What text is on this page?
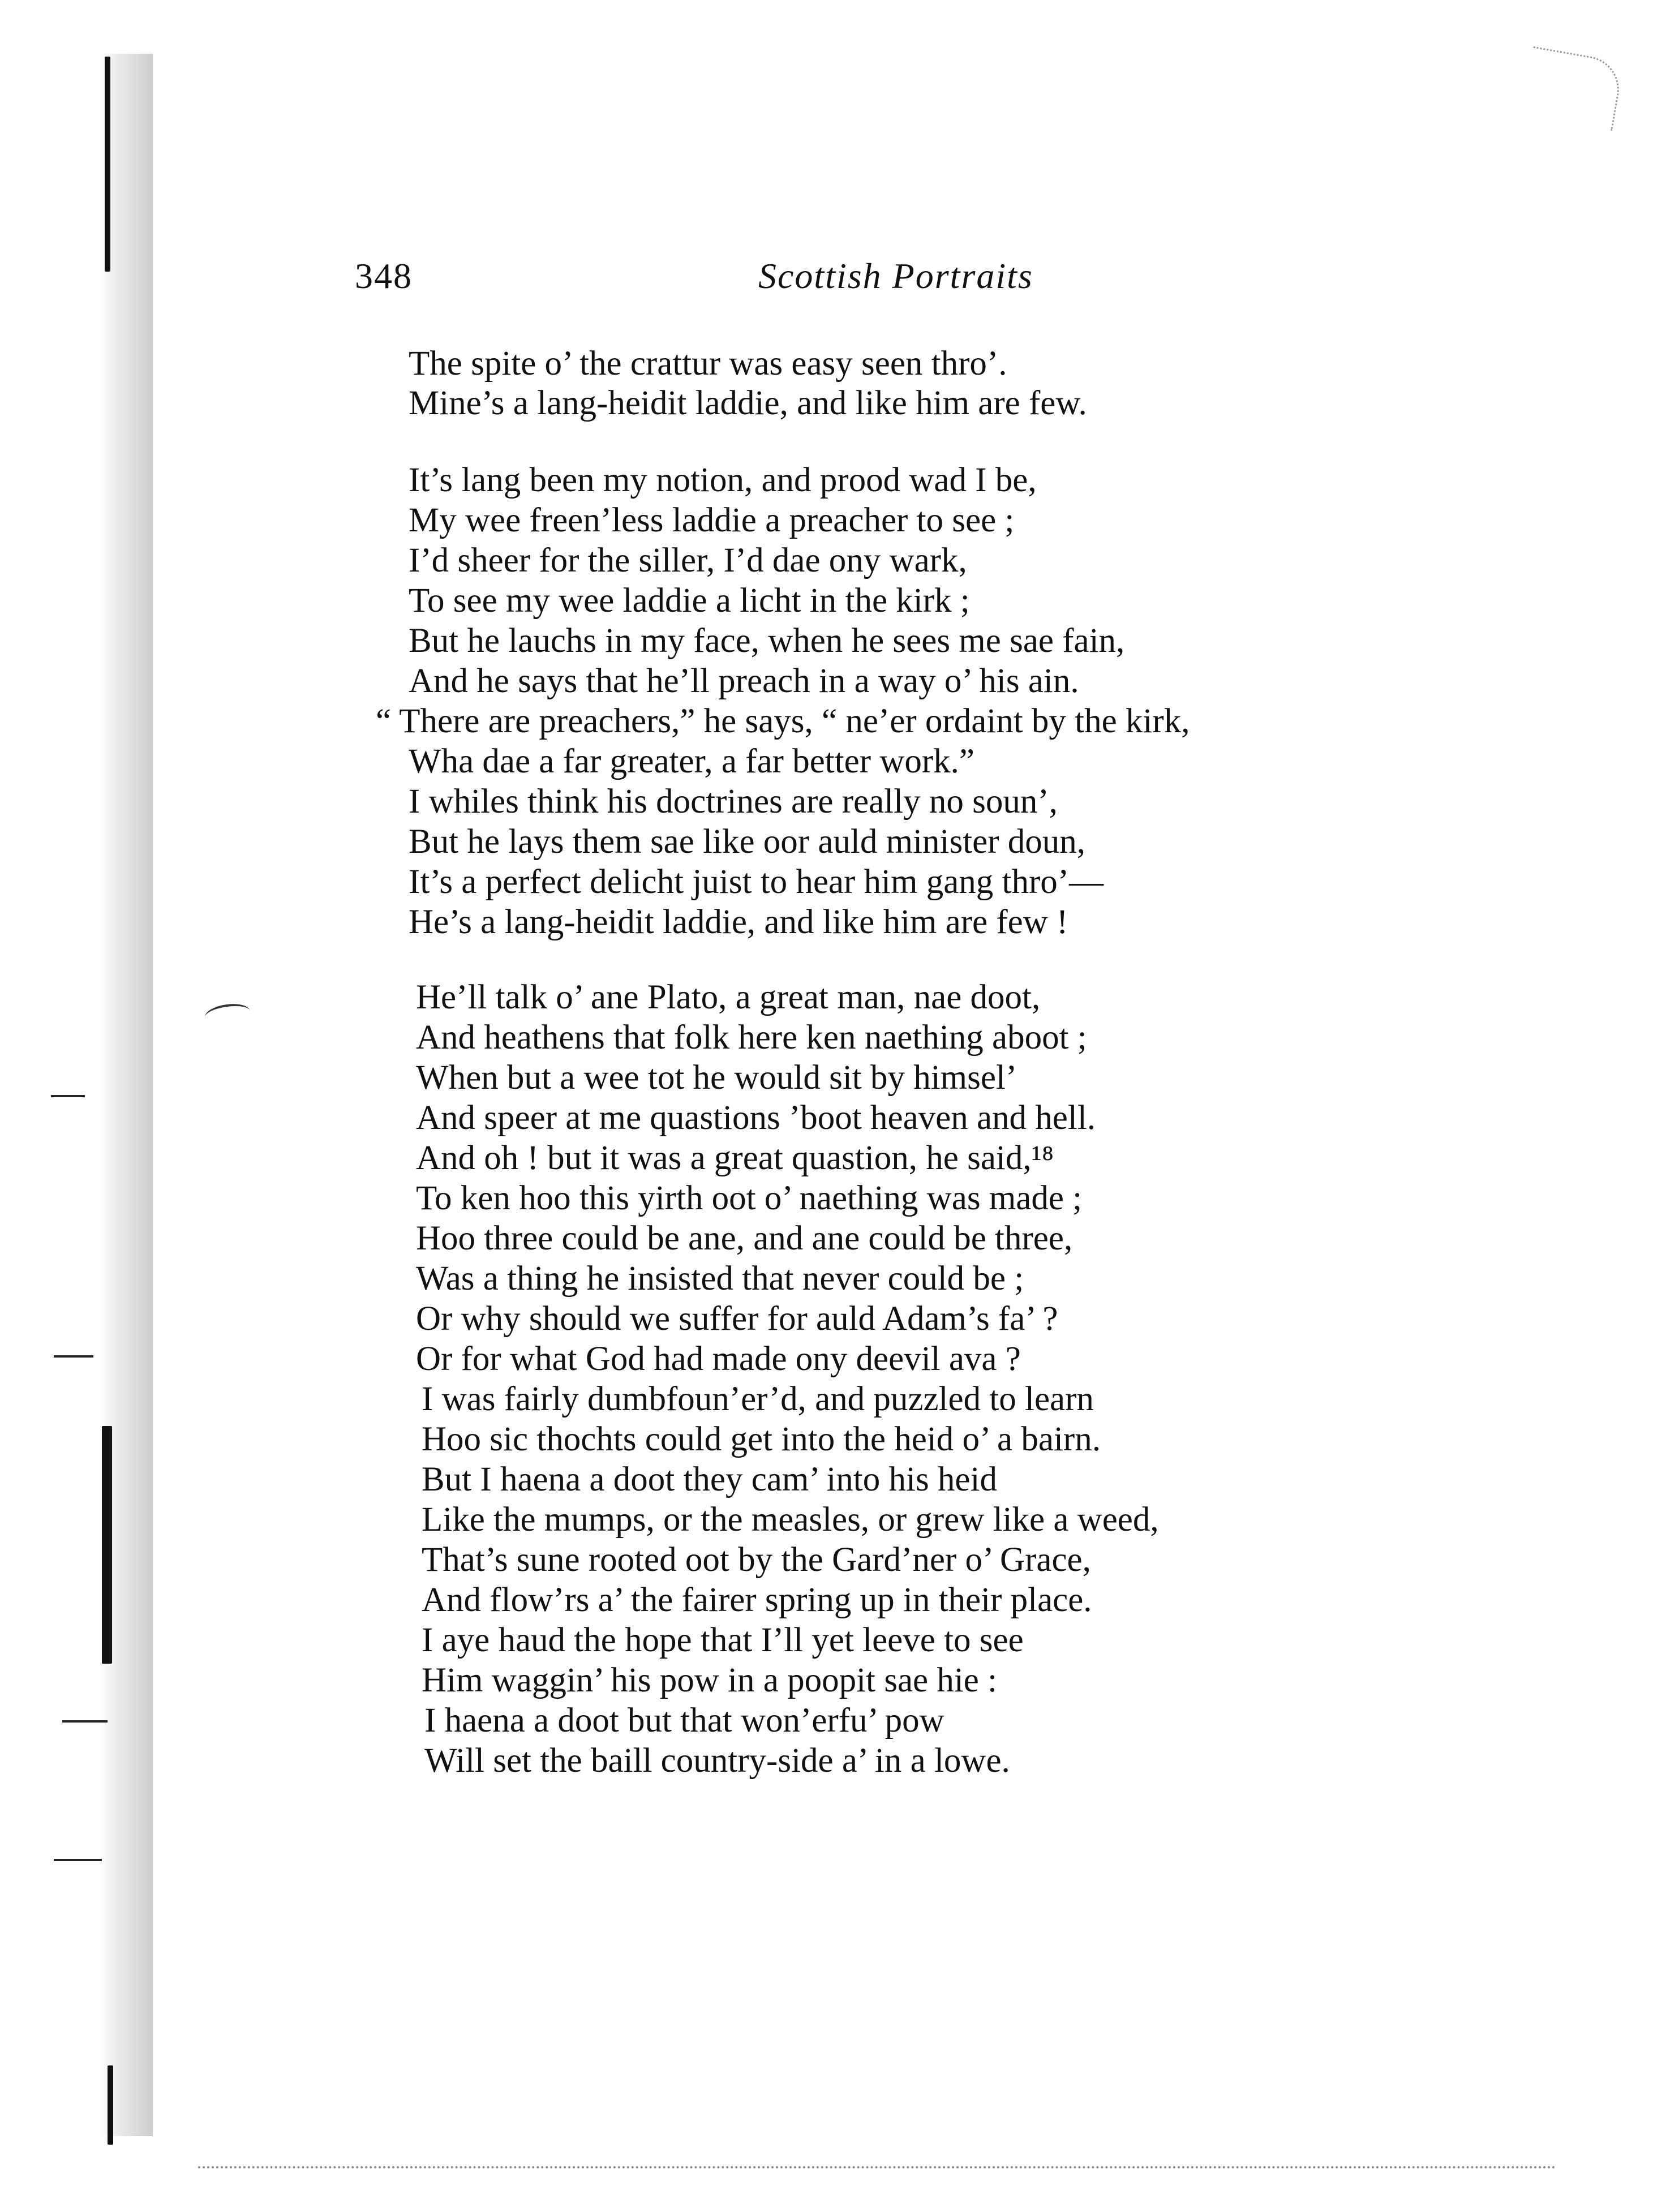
348	Scottish Portraits
The spite o’ the crattur was easy seen thro’.
Mine’s a lang-heidit laddie, and like him are few.
It’s lang been my notion, and prood wad I be,
My wee freen’less laddie a preacher to see ;
I’d sheer for the siller, I’d dae ony wark,
To see my wee laddie a licht in the kirk ;
But he lauchs in my face, when he sees me sae fain,
And he says that he’ll preach in a way o’ his ain.
“ There are preachers,” he says, “ ne’er ordaint by the kirk,
Wha dae a far greater, a far better work.”
I whiles think his doctrines are really no soun’,
But he lays them sae like oor auld minister doun,
It’s a perfect delicht juist to hear him gang thro’—
He’s a lang-heidit laddie, and like him are few !
He’ll talk o’ ane Plato, a great man, nae doot,
And heathens that folk here ken naething aboot ;
When but a wee tot he would sit by himsel’
And speer at me quastions ’boot heaven and hell.
And oh ! but it was a great quastion, he said,¹⁸
To ken hoo this yirth oot o’ naething was made ;
Hoo three could be ane, and ane could be three,
Was a thing he insisted that never could be ;
Or why should we suffer for auld Adam’s fa’ ?
Or for what God had made ony deevil ava ?
I was fairly dumbfoun’er’d, and puzzled to learn
Hoo sic thochts could get into the heid o’ a bairn.
But I haena a doot they cam’ into his heid
Like the mumps, or the measles, or grew like a weed,
That’s sune rooted oot by the Gard’ner o’ Grace,
And flow’rs a’ the fairer spring up in their place.
I aye haud the hope that I’ll yet leeve to see
Him waggin’ his pow in a poopit sae hie :
I haena a doot but that won’erfu’ pow
Will set the baill country-side a’ in a lowe.
